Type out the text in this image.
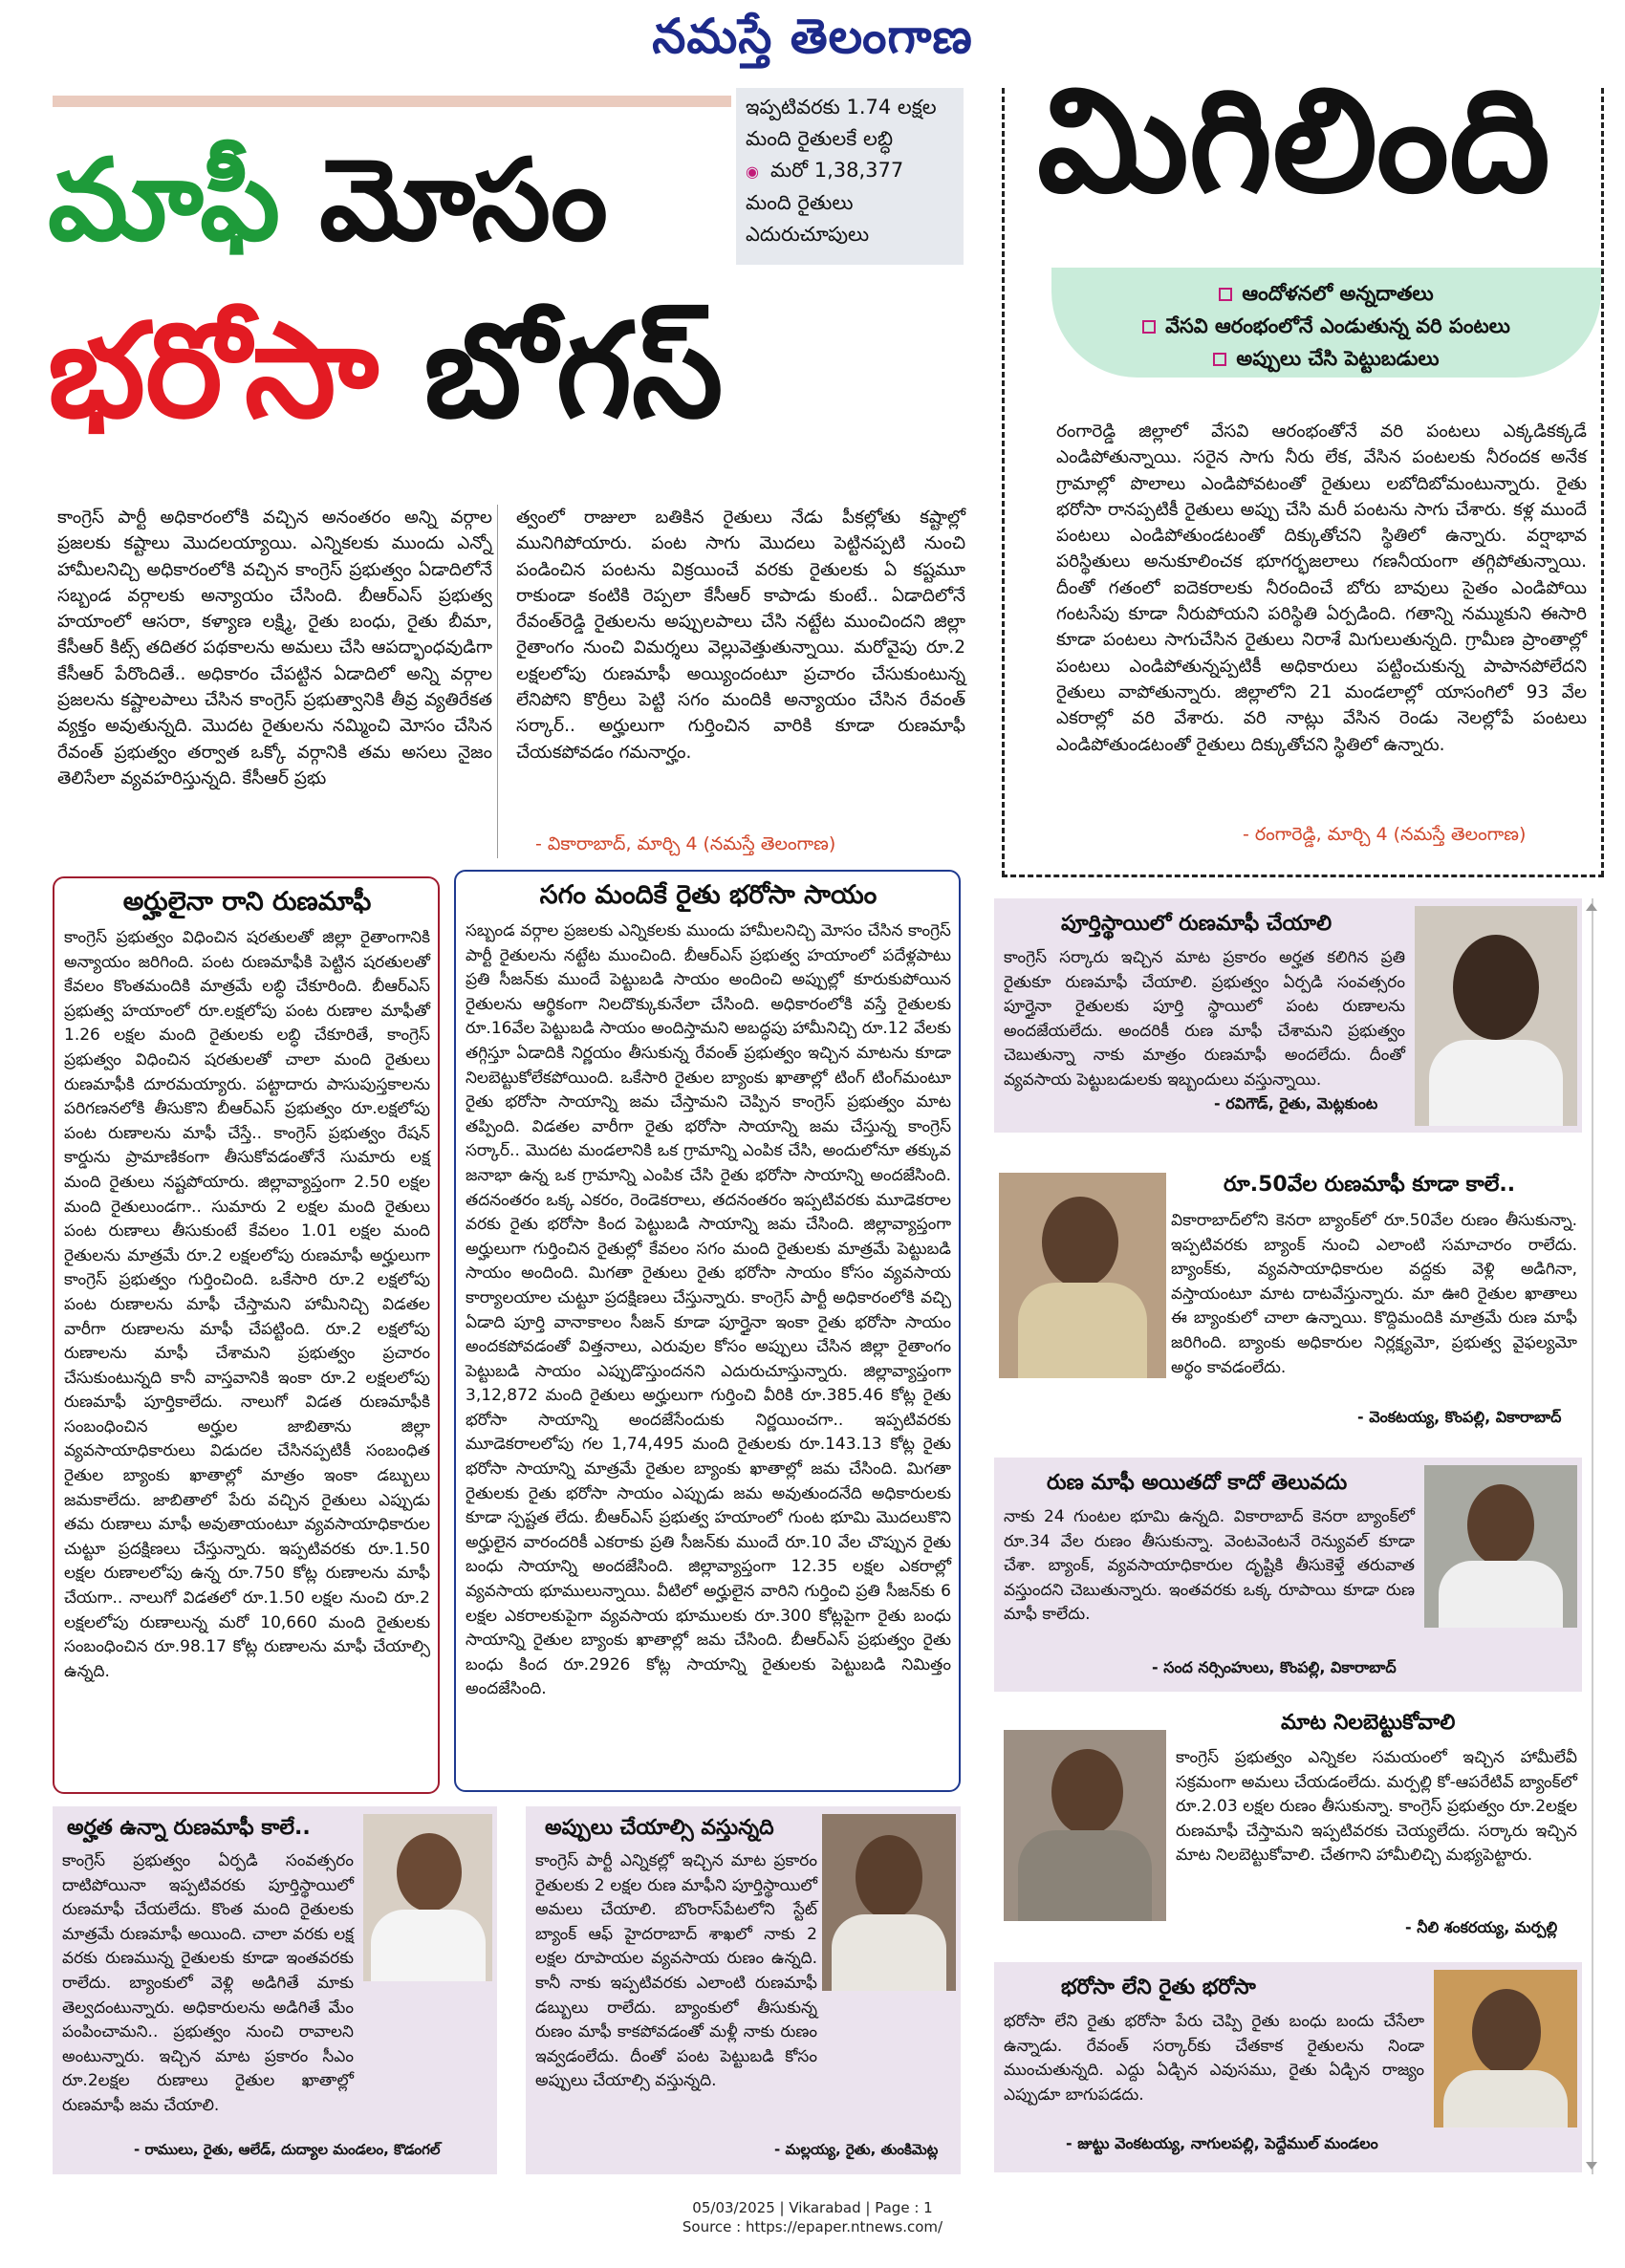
నమస్తే తెలంగాణ
మాఫీ మోసం
భరోసా బోగస్
ఇప్పటివరకు 1.74 లక్షల
మంది రైతులకే లబ్ధి
◉ మరో 1,38,377
మంది రైతులు
ఎదురుచూపులు
మిగిలింది
ఆందోళనలో అన్నదాతలు
వేసవి ఆరంభంలోనే ఎండుతున్న వరి పంటలు
అప్పులు చేసి పెట్టుబడులు
రంగారెడ్డి జిల్లాలో వేసవి ఆరంభంతోనే వరి పంటలు ఎక్కడికక్కడే ఎండిపోతున్నాయి. సరైన సాగు నీరు లేక, వేసిన పంటలకు నీరందక అనేక గ్రామాల్లో పొలాలు ఎండిపోవటంతో రైతులు లబోదిబోమంటున్నారు. రైతు భరోసా రానప్పటికీ రైతులు అప్పు చేసి మరీ పంటను సాగు చేశారు. కళ్ల ముందే పంటలు ఎండిపోతుండటంతో దిక్కుతోచని స్థితిలో ఉన్నారు. వర్షాభావ పరిస్థితులు అనుకూలించక భూగర్భజలాలు గణనీయంగా తగ్గిపోతున్నాయి. దీంతో గతంలో ఐదెకరాలకు నీరందించే బోరు బావులు సైతం ఎండిపోయి గంటసేపు కూడా నీరుపోయని పరిస్థితి ఏర్పడింది. గతాన్ని నమ్ముకుని ఈసారి కూడా పంటలు సాగుచేసిన రైతులు నిరాశే మిగులుతున్నది. గ్రామీణ ప్రాంతాల్లో పంటలు ఎండిపోతున్నప్పటికీ అధికారులు పట్టించుకున్న పాపానపోలేదని రైతులు వాపోతున్నారు. జిల్లాలోని 21 మండలాల్లో యాసంగిలో 93 వేల ఎకరాల్లో వరి వేశారు. వరి నాట్లు వేసిన రెండు నెలల్లోపే పంటలు ఎండిపోతుండటంతో రైతులు దిక్కుతోచని స్థితిలో ఉన్నారు.
- రంగారెడ్డి, మార్చి 4 (నమస్తే తెలంగాణ)
కాంగ్రెస్ పార్టీ అధికారంలోకి వచ్చిన అనంతరం అన్ని వర్గాల ప్రజలకు కష్టాలు మొదలయ్యాయి. ఎన్నికలకు ముందు ఎన్నో హామీలనిచ్చి అధికారంలోకి వచ్చిన కాంగ్రెస్ ప్రభుత్వం ఏడాదిలోనే సబ్బండ వర్గాలకు అన్యాయం చేసింది. బీఆర్ఎస్ ప్రభుత్వ హయాంలో ఆసరా, కళ్యాణ లక్ష్మి, రైతు బంధు, రైతు బీమా, కేసీఆర్ కిట్స్ తదితర పథకాలను అమలు చేసి ఆపద్భాంధవుడిగా కేసీఆర్ పేరొందితే.. అధికారం చేపట్టిన ఏడాదిలో అన్ని వర్గాల ప్రజలను కష్టాలపాలు చేసిన కాంగ్రెస్ ప్రభుత్వానికి తీవ్ర వ్యతిరేకత వ్యక్తం అవుతున్నది. మొదట రైతులను నమ్మించి మోసం చేసిన రేవంత్ ప్రభుత్వం తర్వాత ఒక్కో వర్గానికి తమ అసలు నైజం తెలిసేలా వ్యవహరిస్తున్నది. కేసీఆర్ ప్రభు
త్వంలో రాజులా బతికిన రైతులు నేడు పీకల్లోతు కష్టాల్లో మునిగిపోయారు. పంట సాగు మొదలు పెట్టినప్పటి నుంచి పండించిన పంటను విక్రయించే వరకు రైతులకు ఏ కష్టమూ రాకుండా కంటికి రెప్పలా కేసీఆర్ కాపాడు కుంటే.. ఏడాదిలోనే రేవంత్‌రెడ్డి రైతులను అప్పులపాలు చేసి నట్టేట ముంచిందని జిల్లా రైతాంగం నుంచి విమర్శలు వెల్లువెత్తుతున్నాయి. మరోవైపు రూ.2 లక్షలలోపు రుణమాఫీ అయ్యిందంటూ ప్రచారం చేసుకుంటున్న లేనిపోని కొర్రీలు పెట్టి సగం మందికి అన్యాయం చేసిన రేవంత్ సర్కార్.. అర్హులుగా గుర్తించిన వారికి కూడా రుణమాఫీ చేయకపోవడం గమనార్హం.
- వికారాబాద్, మార్చి 4 (నమస్తే తెలంగాణ)
అర్హులైనా రాని రుణమాఫీ
కాంగ్రెస్ ప్రభుత్వం విధించిన షరతులతో జిల్లా రైతాంగానికి అన్యాయం జరిగింది. పంట రుణమాఫీకి పెట్టిన షరతులతో కేవలం కొంతమందికి మాత్రమే లబ్ధి చేకూరింది. బీఆర్ఎస్ ప్రభుత్వ హయాంలో రూ.లక్షలోపు పంట రుణాల మాఫీతో 1.26 లక్షల మంది రైతులకు లబ్ధి చేకూరితే, కాంగ్రెస్ ప్రభుత్వం విధించిన షరతులతో చాలా మంది రైతులు రుణమాఫీకి దూరమయ్యారు. పట్టాదారు పాసుపుస్తకాలను పరిగణనలోకి తీసుకొని బీఆర్ఎస్ ప్రభుత్వం రూ.లక్షలోపు పంట రుణాలను మాఫీ చేస్తే.. కాంగ్రెస్ ప్రభుత్వం రేషన్ కార్డును ప్రామాణికంగా తీసుకోవడంతోనే సుమారు లక్ష మంది రైతులు నష్టపోయారు. జిల్లావ్యాప్తంగా 2.50 లక్షల మంది రైతులుండగా.. సుమారు 2 లక్షల మంది రైతులు పంట రుణాలు తీసుకుంటే కేవలం 1.01 లక్షల మంది రైతులను మాత్రమే రూ.2 లక్షలలోపు రుణమాఫీ అర్హులుగా కాంగ్రెస్ ప్రభుత్వం గుర్తించింది. ఒకేసారి రూ.2 లక్షలోపు పంట రుణాలను మాఫీ చేస్తామని హామీనిచ్చి విడతల వారీగా రుణాలను మాఫీ చేపట్టింది. రూ.2 లక్షలోపు రుణాలను మాఫీ చేశామని ప్రభుత్వం ప్రచారం చేసుకుంటున్నది కానీ వాస్తవానికి ఇంకా రూ.2 లక్షలలోపు రుణమాఫీ పూర్తికాలేదు. నాలుగో విడత రుణమాఫీకి సంబంధించిన అర్హుల జాబితాను జిల్లా వ్యవసాయాధికారులు విడుదల చేసినప్పటికీ సంబంధిత రైతుల బ్యాంకు ఖాతాల్లో మాత్రం ఇంకా డబ్బులు జమకాలేదు. జాబితాలో పేరు వచ్చిన రైతులు ఎప్పుడు తమ రుణాలు మాఫీ అవుతాయంటూ వ్యవసాయాధికారుల చుట్టూ ప్రదక్షిణలు చేస్తున్నారు. ఇప్పటివరకు రూ.1.50 లక్షల రుణాలలోపు ఉన్న రూ.750 కోట్ల రుణాలను మాఫీ చేయగా.. నాలుగో విడతలో రూ.1.50 లక్షల నుంచి రూ.2 లక్షలలోపు రుణాలున్న మరో 10,660 మంది రైతులకు సంబంధించిన రూ.98.17 కోట్ల రుణాలను మాఫీ చేయాల్సి ఉన్నది.
సగం మందికే రైతు భరోసా సాయం
సబ్బండ వర్గాల ప్రజలకు ఎన్నికలకు ముందు హామీలనిచ్చి మోసం చేసిన కాంగ్రెస్ పార్టీ రైతులను నట్టేట ముంచింది. బీఆర్ఎస్ ప్రభుత్వ హయాంలో పదేళ్లపాటు ప్రతి సీజన్‌కు ముందే పెట్టుబడి సాయం అందించి అప్పుల్లో కూరుకుపోయిన రైతులను ఆర్థికంగా నిలదొక్కుకునేలా చేసింది. అధికారంలోకి వస్తే రైతులకు రూ.16వేల పెట్టుబడి సాయం అందిస్తామని అబద్ధపు హామీనిచ్చి రూ.12 వేలకు తగ్గిస్తూ ఏడాదికి నిర్ణయం తీసుకున్న రేవంత్ ప్రభుత్వం ఇచ్చిన మాటను కూడా నిలబెట్టుకోలేకపోయింది. ఒకేసారి రైతుల బ్యాంకు ఖాతాల్లో టింగ్ టింగ్‌మంటూ రైతు భరోసా సాయాన్ని జమ చేస్తామని చెప్పిన కాంగ్రెస్ ప్రభుత్వం మాట తప్పింది. విడతల వారీగా రైతు భరోసా సాయాన్ని జమ చేస్తున్న కాంగ్రెస్ సర్కార్.. మొదట మండలానికి ఒక గ్రామాన్ని ఎంపిక చేసి, అందులోనూ తక్కువ జనాభా ఉన్న ఒక గ్రామాన్ని ఎంపిక చేసి రైతు భరోసా సాయాన్ని అందజేసింది. తదనంతరం ఒక్క ఎకరం, రెండెకరాలు, తదనంతరం ఇప్పటివరకు మూడెకరాల వరకు రైతు భరోసా కింద పెట్టుబడి సాయాన్ని జమ చేసింది. జిల్లావ్యాప్తంగా అర్హులుగా గుర్తించిన రైతుల్లో కేవలం సగం మంది రైతులకు మాత్రమే పెట్టుబడి సాయం అందింది. మిగతా రైతులు రైతు భరోసా సాయం కోసం వ్యవసాయ కార్యాలయాల చుట్టూ ప్రదక్షిణలు చేస్తున్నారు. కాంగ్రెస్ పార్టీ అధికారంలోకి వచ్చి ఏడాది పూర్తి వానాకాలం సీజన్ కూడా పూర్తైనా ఇంకా రైతు భరోసా సాయం అందకపోవడంతో విత్తనాలు, ఎరువుల కోసం అప్పులు చేసిన జిల్లా రైతాంగం పెట్టుబడి సాయం ఎప్పుడొస్తుందనని ఎదురుచూస్తున్నారు. జిల్లావ్యాప్తంగా 3,12,872 మంది రైతులు అర్హులుగా గుర్తించి వీరికి రూ.385.46 కోట్ల రైతు భరోసా సాయాన్ని అందజేసేందుకు నిర్ణయించగా.. ఇప్పటివరకు మూడెకరాలలోపు గల 1,74,495 మంది రైతులకు రూ.143.13 కోట్ల రైతు భరోసా సాయాన్ని మాత్రమే రైతుల బ్యాంకు ఖాతాల్లో జమ చేసింది. మిగతా రైతులకు రైతు భరోసా సాయం ఎప్పుడు జమ అవుతుందనేది అధికారులకు కూడా స్పష్టత లేదు. బీఆర్ఎస్ ప్రభుత్వ హయాంలో గుంట భూమి మొదలుకొని అర్హులైన వారందరికీ ఎకరాకు ప్రతి సీజన్‌కు ముందే రూ.10 వేల చొప్పున రైతు బంధు సాయాన్ని అందజేసింది. జిల్లావ్యాప్తంగా 12.35 లక్షల ఎకరాల్లో వ్యవసాయ భూములున్నాయి. వీటిలో అర్హులైన వారిని గుర్తించి ప్రతి సీజన్‌కు 6 లక్షల ఎకరాలకుపైగా వ్యవసాయ భూములకు రూ.300 కోట్లపైగా రైతు బంధు సాయాన్ని రైతుల బ్యాంకు ఖాతాల్లో జమ చేసింది. బీఆర్ఎస్ ప్రభుత్వం రైతు బంధు కింద రూ.2926 కోట్ల సాయాన్ని రైతులకు పెట్టుబడి నిమిత్తం అందజేసింది.
పూర్తిస్థాయిలో రుణమాఫీ చేయాలి
కాంగ్రెస్ సర్కారు ఇచ్చిన మాట ప్రకారం అర్హత కలిగిన ప్రతి రైతుకూ రుణమాఫీ చేయాలి. ప్రభుత్వం ఏర్పడి సంవత్సరం పూర్తైనా రైతులకు పూర్తి స్థాయిలో పంట రుణాలను అందజేయలేదు. అందరికీ రుణ మాఫీ చేశామని ప్రభుత్వం చెబుతున్నా నాకు మాత్రం రుణమాఫీ అందలేదు. దీంతో వ్యవసాయ పెట్టుబడులకు ఇబ్బందులు వస్తున్నాయి.
- రవిగౌడ్, రైతు, మెట్లకుంట
రూ.50వేల రుణమాఫీ కూడా కాలే..
వికారాబాద్‌లోని కెనరా బ్యాంక్‌లో రూ.50వేల రుణం తీసుకున్నా. ఇప్పటివరకు బ్యాంక్ నుంచి ఎలాంటి సమాచారం రాలేదు. బ్యాంక్‌కు, వ్యవసాయాధికారుల వద్దకు వెళ్లి అడిగినా, వస్తాయంటూ మాట దాటవేస్తున్నారు. మా ఊరి రైతుల ఖాతాలు ఈ బ్యాంకులో చాలా ఉన్నాయి. కొద్దిమందికి మాత్రమే రుణ మాఫీ జరిగింది. బ్యాంకు అధికారుల నిర్లక్ష్యమో, ప్రభుత్వ వైఫల్యమో అర్థం కావడంలేదు.
- వెంకటయ్య, కొంపల్లి, వికారాబాద్
రుణ మాఫీ అయితదో కాదో తెలువదు
నాకు 24 గుంటల భూమి ఉన్నది. వికారాబాద్ కెనరా బ్యాంక్‌లో రూ.34 వేల రుణం తీసుకున్నా. వెంటవెంటనే రెన్యువల్ కూడా చేశా. బ్యాంక్, వ్యవసాయాధికారుల దృష్టికి తీసుకెళ్తే తరువాత వస్తుందని చెబుతున్నారు. ఇంతవరకు ఒక్క రూపాయి కూడా రుణ మాఫీ కాలేదు.
- సంద నర్సింహులు, కొంపల్లి, వికారాబాద్
మాట నిలబెట్టుకోవాలి
కాంగ్రెస్ ప్రభుత్వం ఎన్నికల సమయంలో ఇచ్చిన హామీలేవీ సక్రమంగా అమలు చేయడంలేదు. మర్పల్లి కో-ఆపరేటివ్ బ్యాంక్‌లో రూ.2.03 లక్షల రుణం తీసుకున్నా. కాంగ్రెస్ ప్రభుత్వం రూ.2లక్షల రుణమాఫీ చేస్తామని ఇప్పటివరకు చెయ్యలేదు. సర్కారు ఇచ్చిన మాట నిలబెట్టుకోవాలి. చేతగాని హామీలిచ్చి మభ్యపెట్టారు.
- నీలి శంకరయ్య, మర్పల్లి
భరోసా లేని రైతు భరోసా
భరోసా లేని రైతు భరోసా పేరు చెప్పి రైతు బంధు బందు చేసేలా ఉన్నాడు. రేవంత్ సర్కార్‌కు చేతకాక రైతులను నిండా ముంచుతున్నది. ఎద్దు ఏడ్చిన ఎవుసము, రైతు ఏడ్చిన రాజ్యం ఎప్పుడూ బాగుపడదు.
- జుట్టు వెంకటయ్య, నాగులపల్లి, పెద్దేముల్ మండలం
అర్హత ఉన్నా రుణమాఫీ కాలే..
కాంగ్రెస్ ప్రభుత్వం ఏర్పడి సంవత్సరం దాటిపోయినా ఇప్పటివరకు పూర్తిస్థాయిలో రుణమాఫీ చేయలేదు. కొంత మంది రైతులకు మాత్రమే రుణమాఫీ అయింది. చాలా వరకు లక్ష వరకు రుణమున్న రైతులకు కూడా ఇంతవరకు రాలేదు. బ్యాంకులో వెళ్లి అడిగితే మాకు తెల్వదంటున్నారు. అధికారులను అడిగితే మేం పంపించామని.. ప్రభుత్వం నుంచి రావాలని అంటున్నారు. ఇచ్చిన మాట ప్రకారం సీఎం రూ.2లక్షల రుణాలు రైతుల ఖాతాల్లో రుణమాఫీ జమ చేయాలి.
- రాములు, రైతు, ఆలేడ్, దుద్యాల మండలం, కొడంగల్
అప్పులు చేయాల్సి వస్తున్నది
కాంగ్రెస్ పార్టీ ఎన్నికల్లో ఇచ్చిన మాట ప్రకారం రైతులకు 2 లక్షల రుణ మాఫీని పూర్తిస్థాయిలో అమలు చేయాలి. బొంరాస్‌పేటలోని స్టేట్ బ్యాంక్ ఆఫ్ హైదరాబాద్ శాఖలో నాకు 2 లక్షల రూపాయల వ్యవసాయ రుణం ఉన్నది. కానీ నాకు ఇప్పటివరకు ఎలాంటి రుణమాఫీ డబ్బులు రాలేదు. బ్యాంకులో తీసుకున్న రుణం మాఫీ కాకపోవడంతో మళ్లీ నాకు రుణం ఇవ్వడంలేదు. దీంతో పంట పెట్టుబడి కోసం అప్పులు చేయాల్సి వస్తున్నది.
- మల్లయ్య, రైతు, తుంకిమెట్ల
05/03/2025 | Vikarabad | Page : 1
Source : https://epaper.ntnews.com/
